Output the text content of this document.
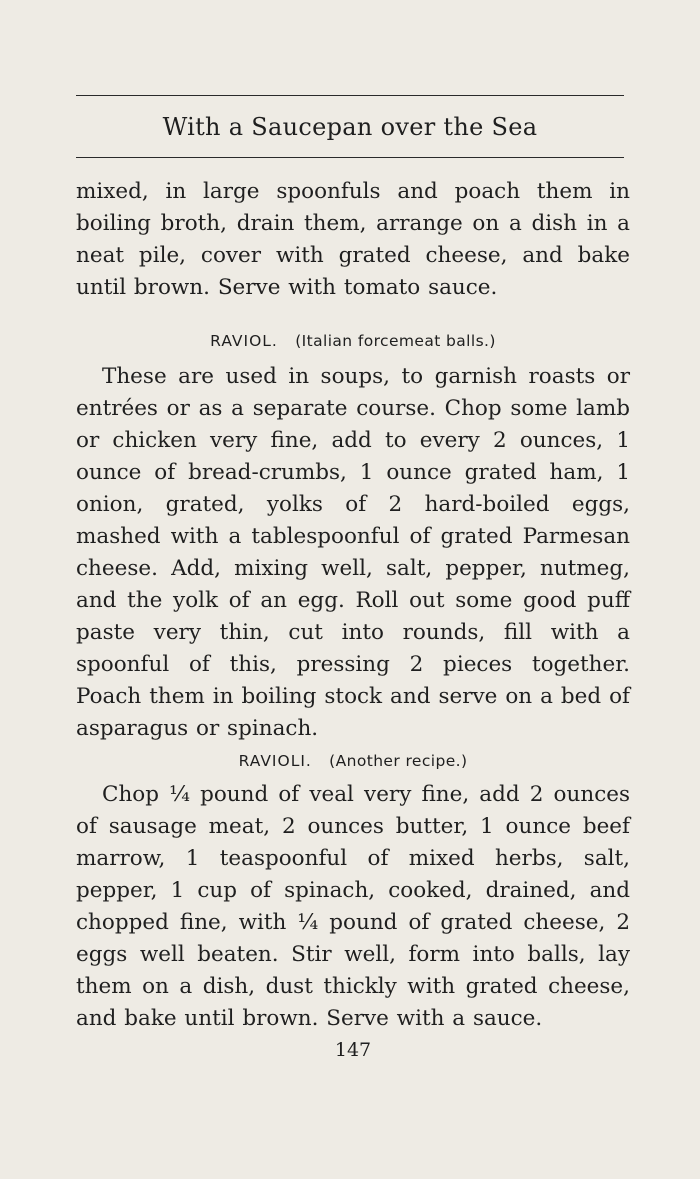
With a Saucepan over the Sea

mixed, in large spoonfuls and poach them in boiling broth, drain them, arrange on a dish in a neat pile, cover with grated cheese, and bake until brown. Serve with tomato sauce.

RAVIOL. (Italian forcemeat balls.)

These are used in soups, to garnish roasts or entrées or as a separate course. Chop some lamb or chicken very fine, add to every 2 ounces, 1 ounce of bread-crumbs, 1 ounce grated ham, 1 onion, grated, yolks of 2 hard-boiled eggs, mashed with a tablespoonful of grated Parmesan cheese. Add, mixing well, salt, pepper, nutmeg, and the yolk of an egg. Roll out some good puff paste very thin, cut into rounds, fill with a spoonful of this, pressing 2 pieces together. Poach them in boiling stock and serve on a bed of asparagus or spinach.

RAVIOLI. (Another recipe.)

Chop ¼ pound of veal very fine, add 2 ounces of sausage meat, 2 ounces butter, 1 ounce beef marrow, 1 teaspoonful of mixed herbs, salt, pepper, 1 cup of spinach, cooked, drained, and chopped fine, with ¼ pound of grated cheese, 2 eggs well beaten. Stir well, form into balls, lay them on a dish, dust thickly with grated cheese, and bake until brown. Serve with a sauce.

147
